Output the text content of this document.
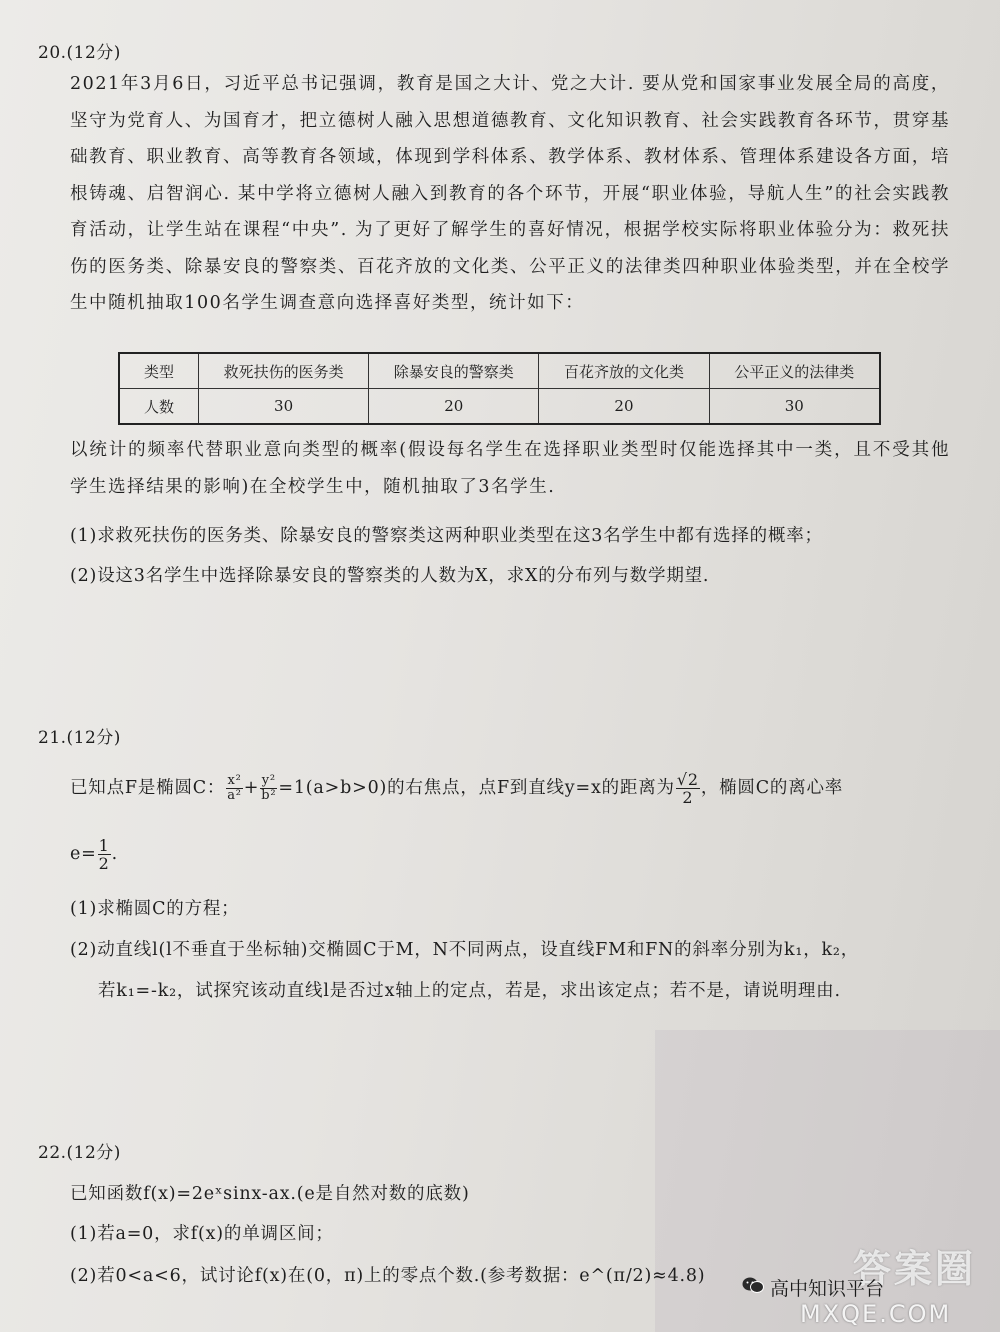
20.(12分)
2021年3月6日，习近平总书记强调，教育是国之大计、党之大计. 要从党和国家事业发展全局的高度，坚守为党育人、为国育才，把立德树人融入思想道德教育、文化知识教育、社会实践教育各环节，贯穿基础教育、职业教育、高等教育各领域，体现到学科体系、教学体系、教材体系、管理体系建设各方面，培根铸魂、启智润心. 某中学将立德树人融入到教育的各个环节，开展“职业体验，导航人生”的社会实践教育活动，让学生站在课程“中央”. 为了更好了解学生的喜好情况，根据学校实际将职业体验分为：救死扶伤的医务类、除暴安良的警察类、百花齐放的文化类、公平正义的法律类四种职业体验类型，并在全校学生中随机抽取100名学生调查意向选择喜好类型，统计如下：
类型	救死扶伤的医务类	除暴安良的警察类	百花齐放的文化类	公平正义的法律类
人数	30	20	20	30
以统计的频率代替职业意向类型的概率(假设每名学生在选择职业类型时仅能选择其中一类，且不受其他学生选择结果的影响)在全校学生中，随机抽取了3名学生.
(1)求救死扶伤的医务类、除暴安良的警察类这两种职业类型在这3名学生中都有选择的概率；
(2)设这3名学生中选择除暴安良的警察类的人数为X，求X的分布列与数学期望.
21.(12分)
已知点F是椭圆C： $\frac{\text{x²}}{\text{a²}} + \frac{\text{y²}}{\text{b²}} =1(a>b>0)$的右焦点，点F到直线y=x的距离为 $\frac{√2}{2}$ ，椭圆C的离心率
$e= \frac{1}{2}$ .
(1)求椭圆C的方程；
(2)动直线l(l不垂直于坐标轴)交椭圆C于M，N不同两点，设直线FM和FN的斜率分别为k₁，k₂，
若k₁=-k₂，试探究该动直线l是否过x轴上的定点，若是，求出该定点；若不是，请说明理由.
22.(12分)
已知函数f(x)=2eˣsinx-ax.(e是自然对数的底数)
(1)若a=0，求f(x)的单调区间；
(2)若0<a<6，试讨论f(x)在(0，π)上的零点个数.(参考数据：e^(π/2)≈4.8)	答案圈
高中知识平台
MXQE.COM
